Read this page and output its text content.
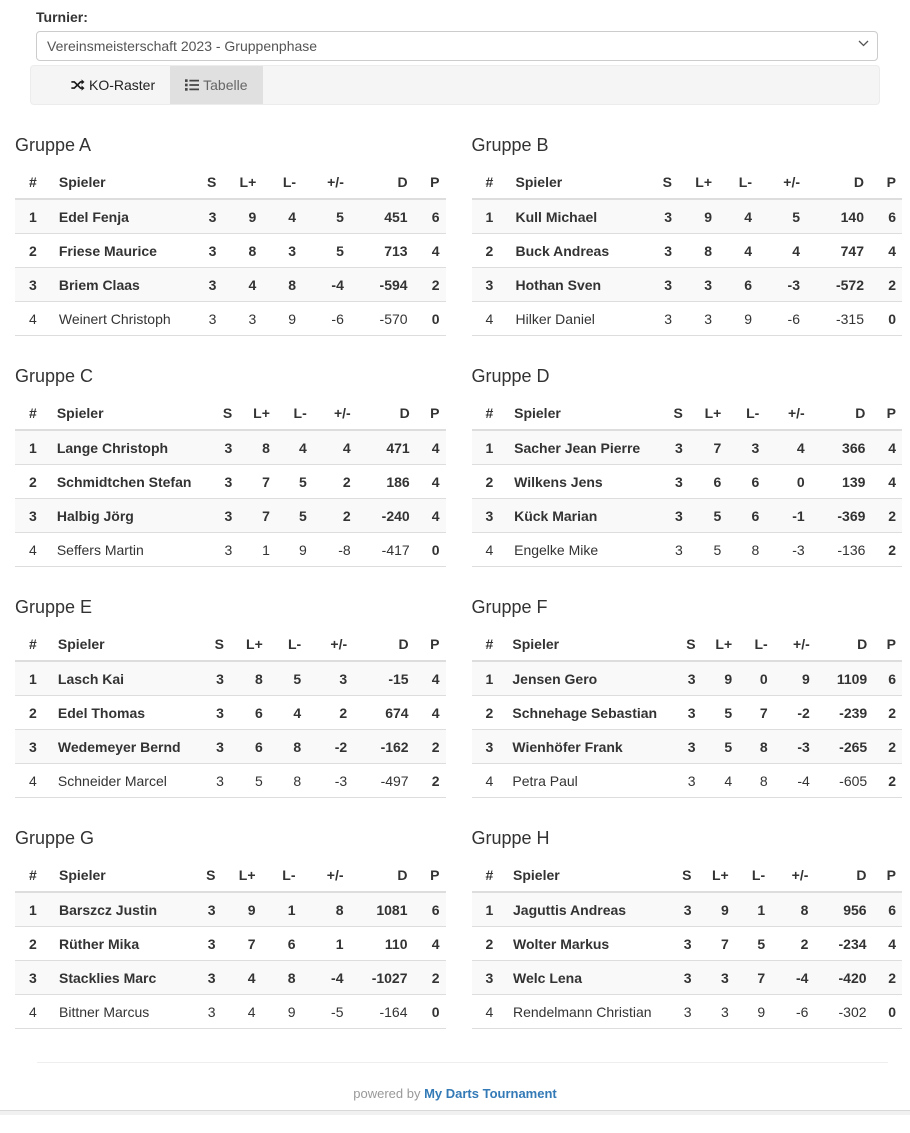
Turnier:
Vereinsmeisterschaft 2023 - Gruppenphase
KO-Raster	Tabelle
Gruppe A
#	Spieler	S	L+	L-	+/-	D	P
1	Edel Fenja	3	9	4	5	451	6
2	Friese Maurice	3	8	3	5	713	4
3	Briem Claas	3	4	8	-4	-594	2
4	Weinert Christoph	3	3	9	-6	-570	0
Gruppe B
#	Spieler	S	L+	L-	+/-	D	P
1	Kull Michael	3	9	4	5	140	6
2	Buck Andreas	3	8	4	4	747	4
3	Hothan Sven	3	3	6	-3	-572	2
4	Hilker Daniel	3	3	9	-6	-315	0
Gruppe C
#	Spieler	S	L+	L-	+/-	D	P
1	Lange Christoph	3	8	4	4	471	4
2	Schmidtchen Stefan	3	7	5	2	186	4
3	Halbig Jörg	3	7	5	2	-240	4
4	Seffers Martin	3	1	9	-8	-417	0
Gruppe D
#	Spieler	S	L+	L-	+/-	D	P
1	Sacher Jean Pierre	3	7	3	4	366	4
2	Wilkens Jens	3	6	6	0	139	4
3	Kück Marian	3	5	6	-1	-369	2
4	Engelke Mike	3	5	8	-3	-136	2
Gruppe E
#	Spieler	S	L+	L-	+/-	D	P
1	Lasch Kai	3	8	5	3	-15	4
2	Edel Thomas	3	6	4	2	674	4
3	Wedemeyer Bernd	3	6	8	-2	-162	2
4	Schneider Marcel	3	5	8	-3	-497	2
Gruppe F
#	Spieler	S	L+	L-	+/-	D	P
1	Jensen Gero	3	9	0	9	1109	6
2	Schnehage Sebastian	3	5	7	-2	-239	2
3	Wienhöfer Frank	3	5	8	-3	-265	2
4	Petra Paul	3	4	8	-4	-605	2
Gruppe G
#	Spieler	S	L+	L-	+/-	D	P
1	Barszcz Justin	3	9	1	8	1081	6
2	Rüther Mika	3	7	6	1	110	4
3	Stacklies Marc	3	4	8	-4	-1027	2
4	Bittner Marcus	3	4	9	-5	-164	0
Gruppe H
#	Spieler	S	L+	L-	+/-	D	P
1	Jaguttis Andreas	3	9	1	8	956	6
2	Wolter Markus	3	7	5	2	-234	4
3	Welc Lena	3	3	7	-4	-420	2
4	Rendelmann Christian	3	3	9	-6	-302	0
powered by My Darts Tournament
